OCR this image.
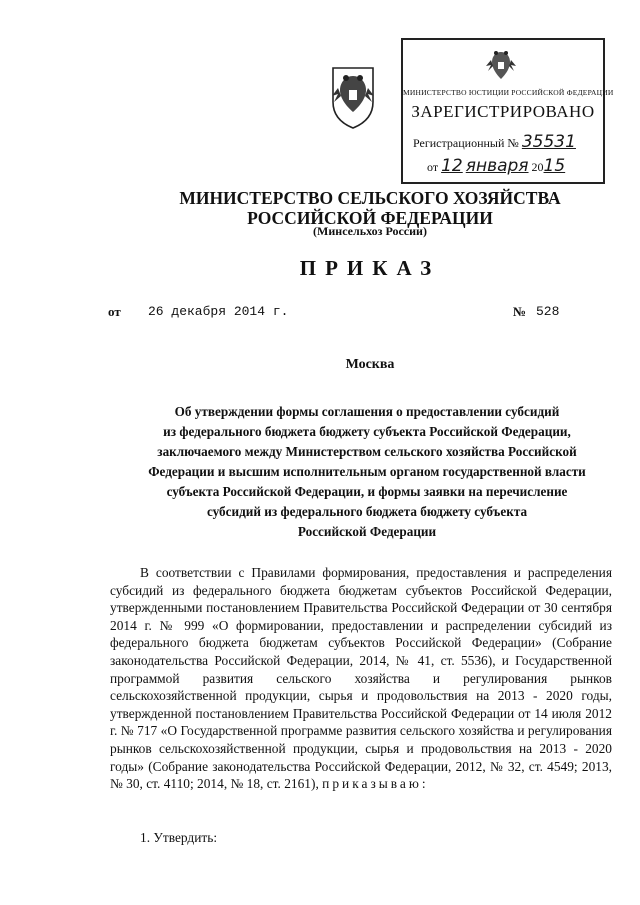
МИНИСТЕРСТВО ЮСТИЦИИ РОССИЙСКОЙ ФЕДЕРАЦИИ
ЗАРЕГИСТРИРОВАНО
Регистрационный № 35531
от 12 января 2015
МИНИСТЕРСТВО СЕЛЬСКОГО ХОЗЯЙСТВА
РОССИЙСКОЙ ФЕДЕРАЦИИ
(Минсельхоз России)
ПРИКАЗ
от 26 декабря 2014 г.	№ 528
Москва
Об утверждении формы соглашения о предоставлении субсидий
из федерального бюджета бюджету субъекта Российской Федерации,
заключаемого между Министерством сельского хозяйства Российской
Федерации и высшим исполнительным органом государственной власти
субъекта Российской Федерации, и формы заявки на перечисление
субсидий из федерального бюджета бюджету субъекта
Российской Федерации

В соответствии с Правилами формирования, предоставления и распределения субсидий из федерального бюджета бюджетам субъектов Российской Федерации, утвержденными постановлением Правительства Российской Федерации от 30 сентября 2014 г. № 999 «О формировании, предоставлении и распределении субсидий из федерального бюджета бюджетам субъектов Российской Федерации» (Собрание законодательства Российской Федерации, 2014, № 41, ст. 5536), и Государственной программой развития сельского хозяйства и регулирования рынков сельскохозяйственной продукции, сырья и продовольствия на 2013 - 2020 годы, утвержденной постановлением Правительства Российской Федерации от 14 июля 2012 г. № 717 «О Государственной программе развития сельского хозяйства и регулирования рынков сельскохозяйственной продукции, сырья и продовольствия на 2013 - 2020 годы» (Собрание законодательства Российской Федерации, 2012, № 32, ст. 4549; 2013, № 30, ст. 4110; 2014, № 18, ст. 2161), приказываю:

1. Утвердить:
